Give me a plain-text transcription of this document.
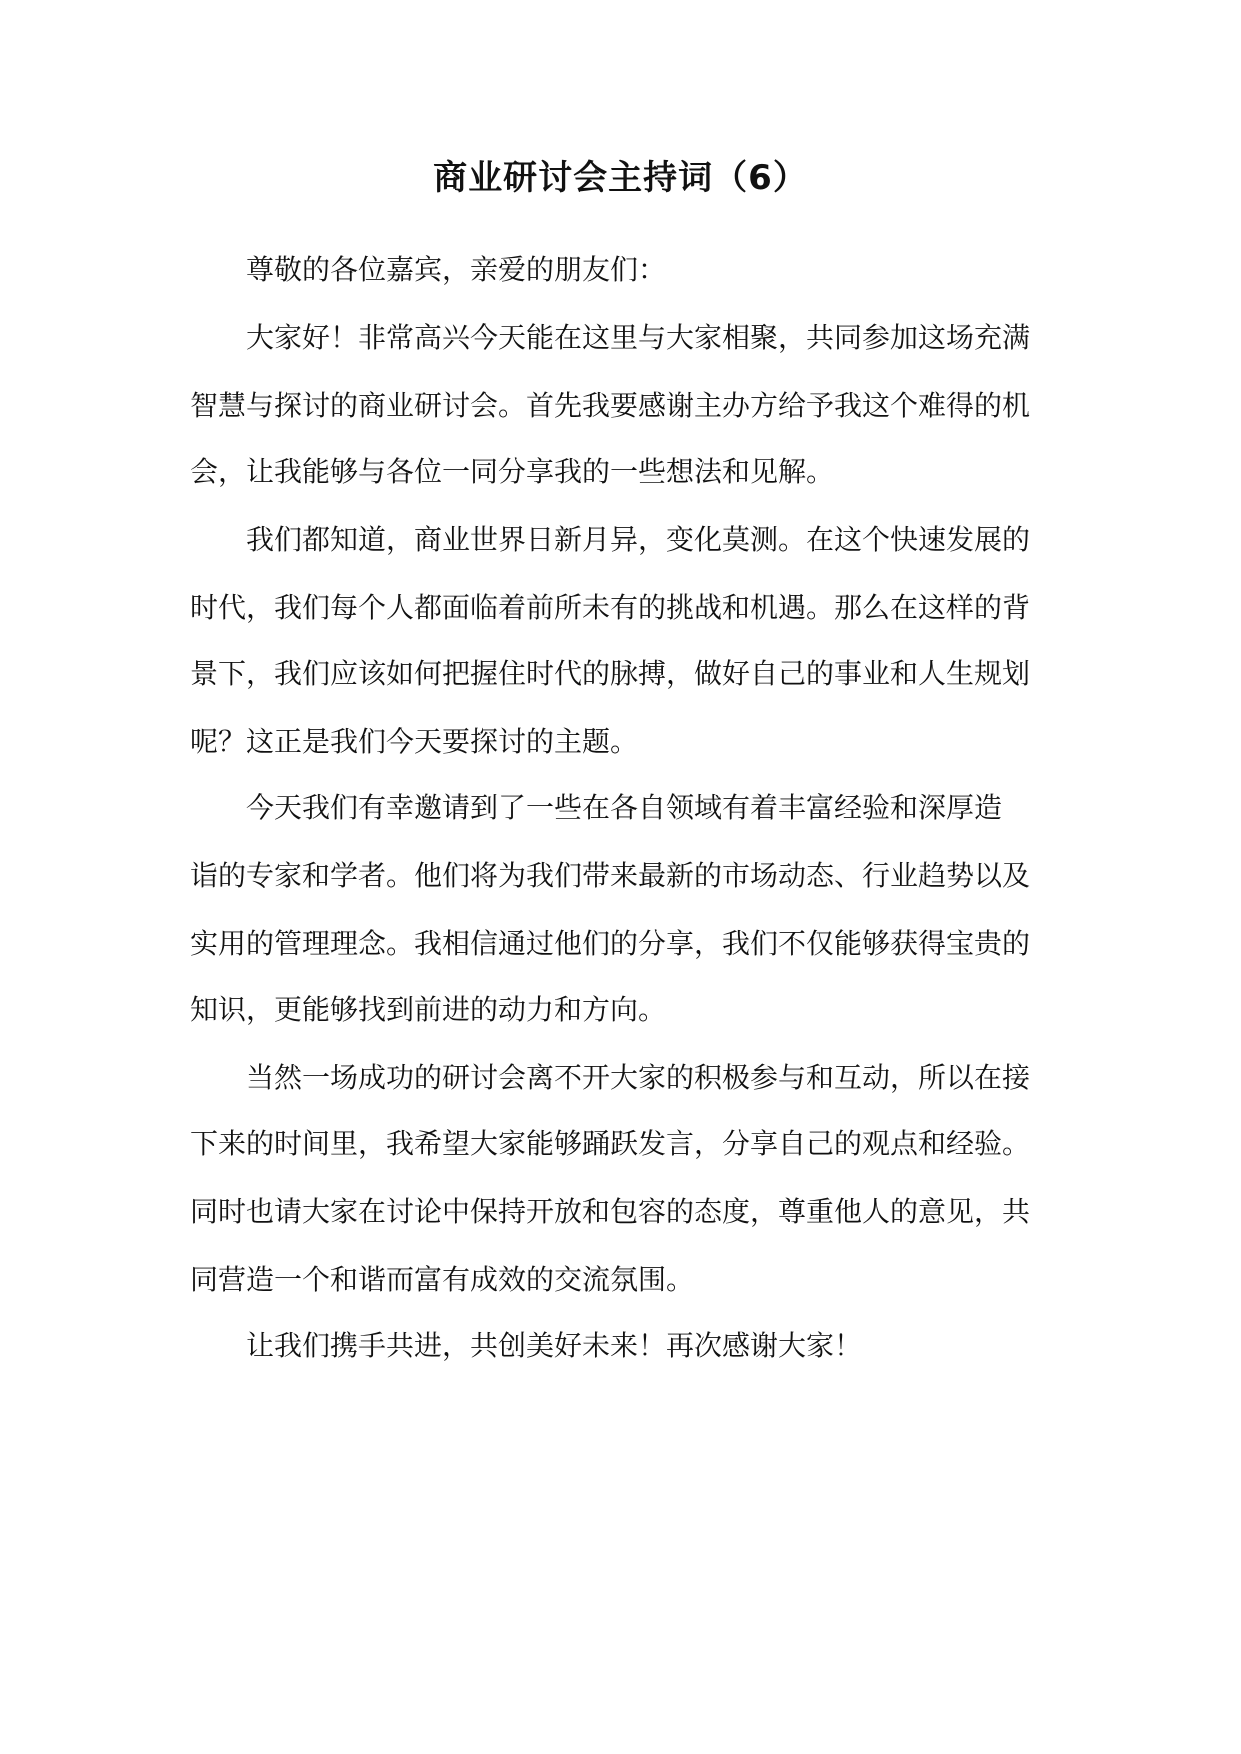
商业研讨会主持词（6）

尊敬的各位嘉宾，亲爱的朋友们：

大家好！非常高兴今天能在这里与大家相聚，共同参加这场充满

智慧与探讨的商业研讨会。首先我要感谢主办方给予我这个难得的机

会，让我能够与各位一同分享我的一些想法和见解。

我们都知道，商业世界日新月异，变化莫测。在这个快速发展的

时代，我们每个人都面临着前所未有的挑战和机遇。那么在这样的背

景下，我们应该如何把握住时代的脉搏，做好自己的事业和人生规划

呢？这正是我们今天要探讨的主题。

今天我们有幸邀请到了一些在各自领域有着丰富经验和深厚造

诣的专家和学者。他们将为我们带来最新的市场动态、行业趋势以及

实用的管理理念。我相信通过他们的分享，我们不仅能够获得宝贵的

知识，更能够找到前进的动力和方向。

当然一场成功的研讨会离不开大家的积极参与和互动，所以在接

下来的时间里，我希望大家能够踊跃发言，分享自己的观点和经验。

同时也请大家在讨论中保持开放和包容的态度，尊重他人的意见，共

同营造一个和谐而富有成效的交流氛围。

让我们携手共进，共创美好未来！再次感谢大家！
